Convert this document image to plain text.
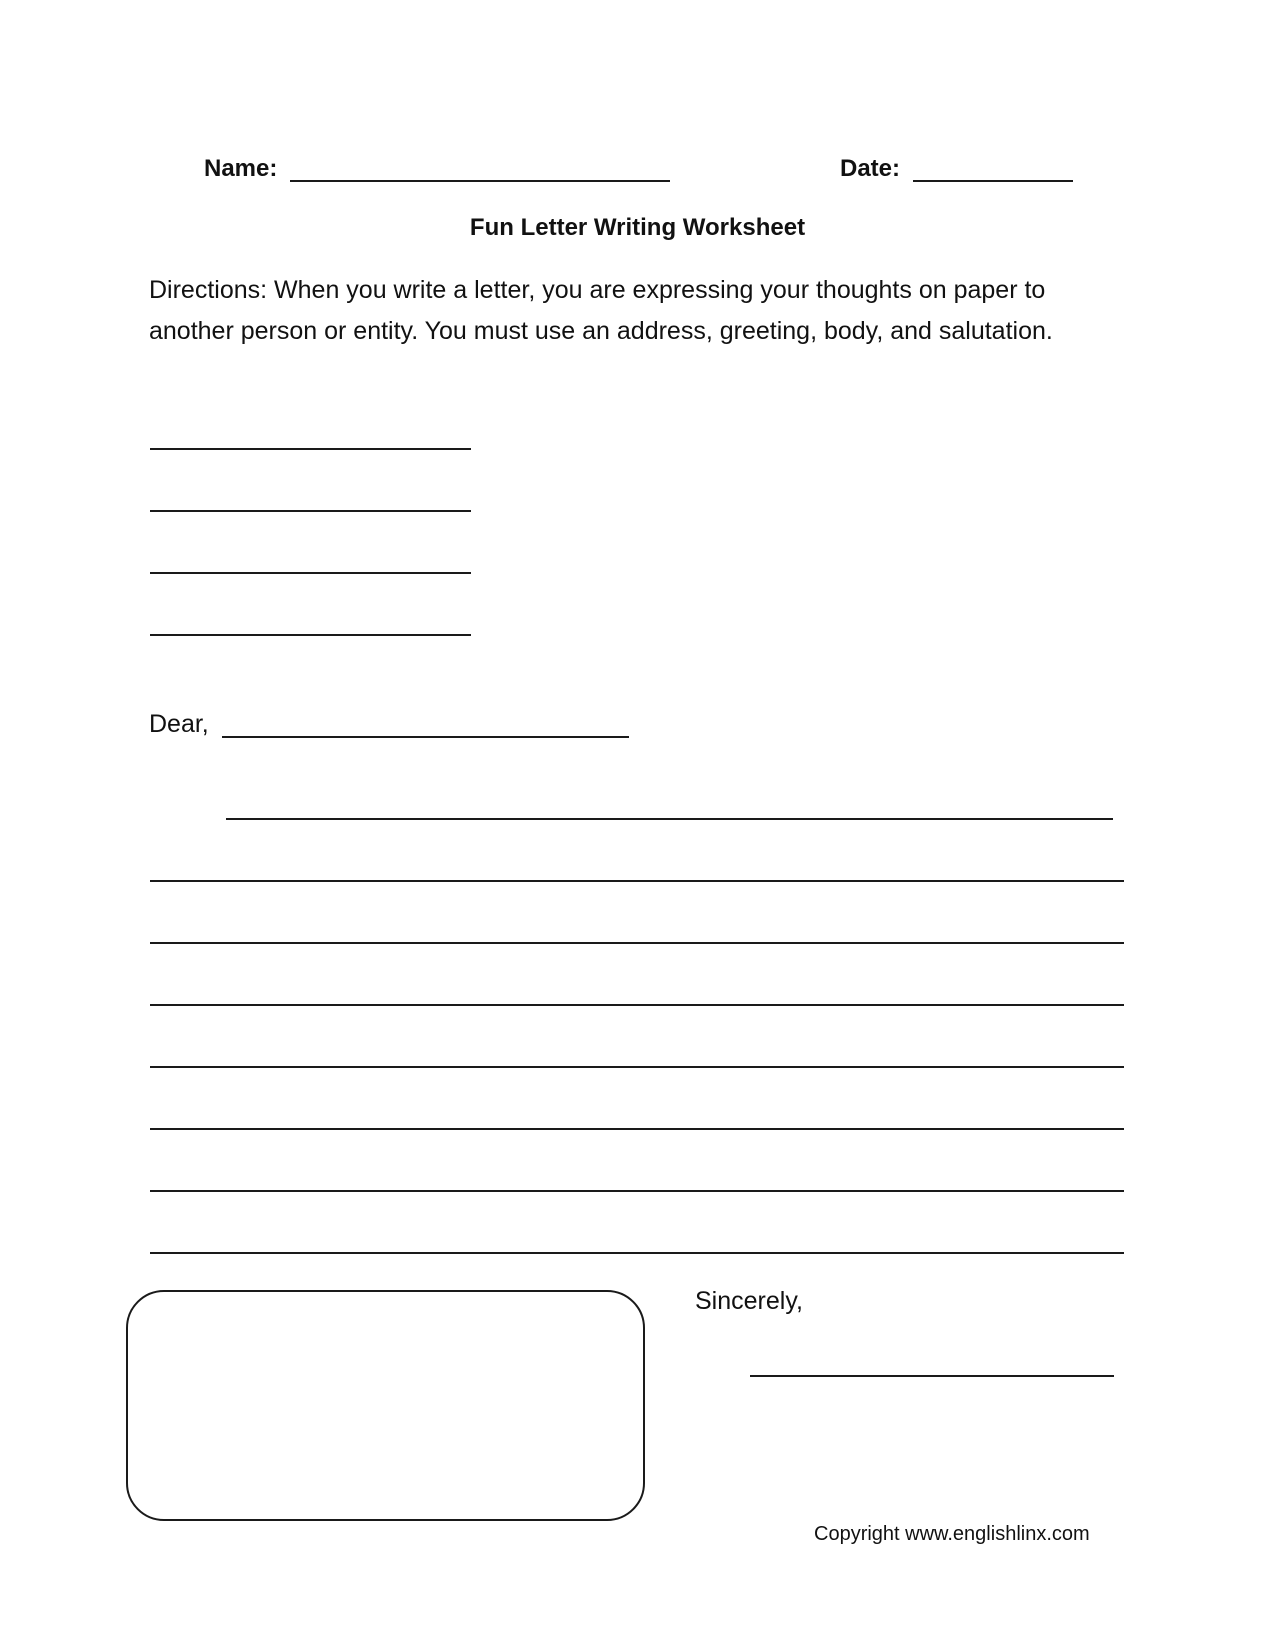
Name:	Date:
Fun Letter Writing Worksheet

Directions: When you write a letter, you are expressing your thoughts on paper to another person or entity. You must use an address, greeting, body, and salutation.

Dear,
Sincerely,
Copyright www.englishlinx.com
